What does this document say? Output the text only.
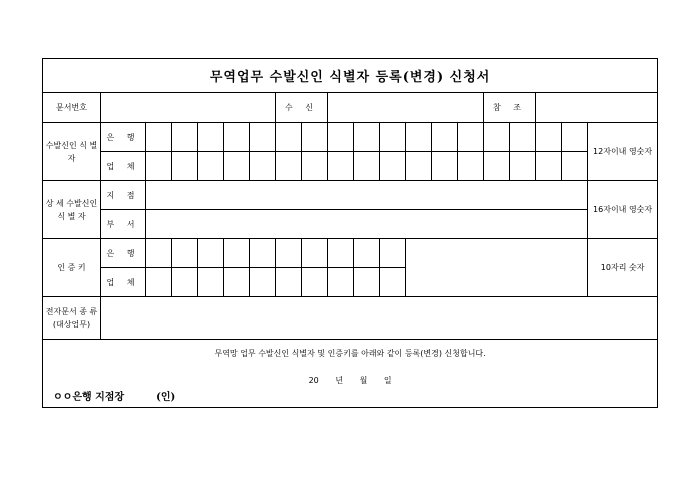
무역업무 수발신인 식별자 등록(변경) 신청서																			
문서번호							수 신								참 조				
수발신인 식 별 자	은 행																		12자이내 영숫자
	업 체																		
상 세 수발신인 식 별 자	지 점																		16자이내 영숫자
	부 서																		
인 증 키	은 행																		10자리 숫자
	업 체																		
전자문서 종 류 (대상업무)																			

무역망 업무 수발신인 식별자 및 인증키를 아래와 같이 등록(변경) 신청합니다.
20 년 월 일
ㅇㅇ은행 지점장 (인)																			
